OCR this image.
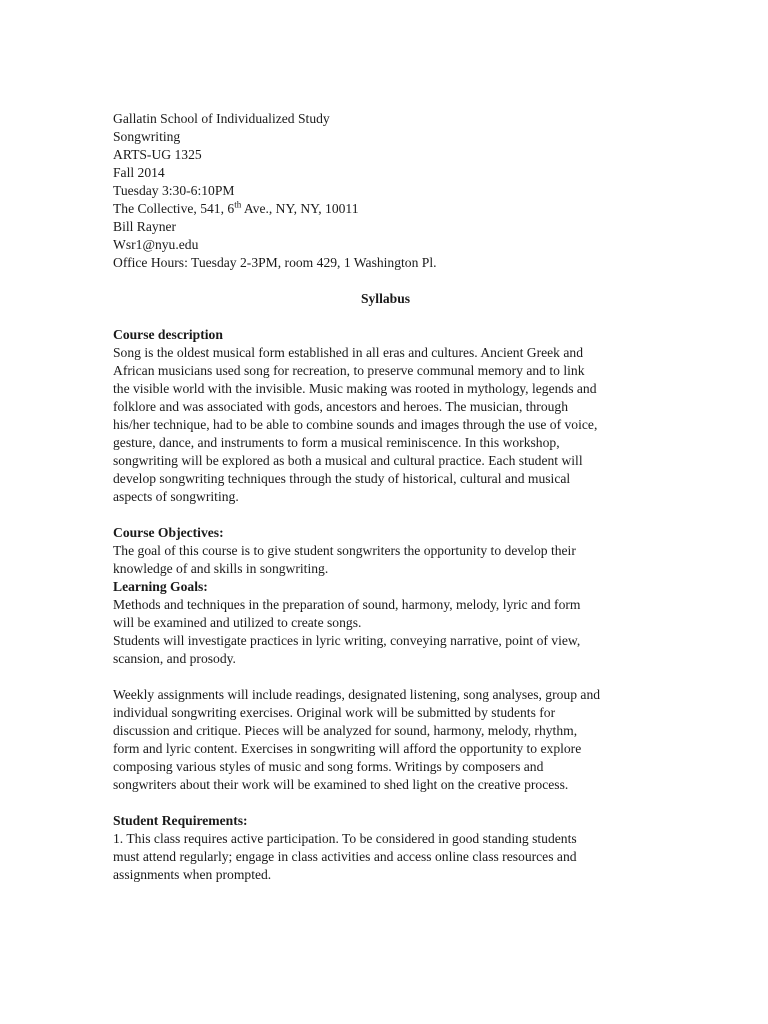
Gallatin School of Individualized Study
Songwriting
ARTS-UG 1325
Fall 2014
Tuesday 3:30-6:10PM
The Collective, 541, 6th Ave., NY, NY, 10011
Bill Rayner
Wsr1@nyu.edu
Office Hours: Tuesday 2-3PM, room 429, 1 Washington Pl.
Syllabus
Course description
Song is the oldest musical form established in all eras and cultures. Ancient Greek and
African musicians used song for recreation, to preserve communal memory and to link
the visible world with the invisible. Music making was rooted in mythology, legends and
folklore and was associated with gods, ancestors and heroes. The musician, through
his/her technique, had to be able to combine sounds and images through the use of voice,
gesture, dance, and instruments to form a musical reminiscence. In this workshop,
songwriting will be explored as both a musical and cultural practice. Each student will
develop songwriting techniques through the study of historical, cultural and musical
aspects of songwriting.
Course Objectives:
The goal of this course is to give student songwriters the opportunity to develop their
knowledge of and skills in songwriting.
Learning Goals:
Methods and techniques in the preparation of sound, harmony, melody, lyric and form
will be examined and utilized to create songs.
Students will investigate practices in lyric writing, conveying narrative, point of view,
scansion, and prosody.
Weekly assignments will include readings, designated listening, song analyses, group and
individual songwriting exercises. Original work will be submitted by students for
discussion and critique. Pieces will be analyzed for sound, harmony, melody, rhythm,
form and lyric content. Exercises in songwriting will afford the opportunity to explore
composing various styles of music and song forms. Writings by composers and
songwriters about their work will be examined to shed light on the creative process.
Student Requirements:
1. This class requires active participation. To be considered in good standing students
must attend regularly; engage in class activities and access online class resources and
assignments when prompted.
